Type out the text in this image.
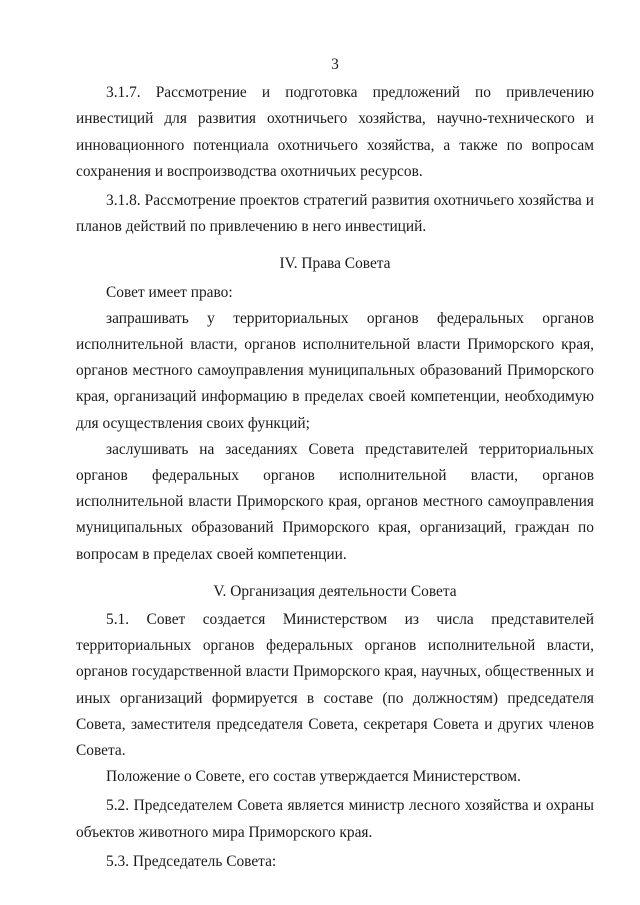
3

3.1.7. Рассмотрение и подготовка предложений по привлечению инвестиций для развития охотничьего хозяйства, научно-технического и инновационного потенциала охотничьего хозяйства, а также по вопросам сохранения и воспроизводства охотничьих ресурсов.

3.1.8. Рассмотрение проектов стратегий развития охотничьего хозяйства и планов действий по привлечению в него инвестиций.

IV. Права Совета

Совет имеет право:

запрашивать у территориальных органов федеральных органов исполнительной власти, органов исполнительной власти Приморского края, органов местного самоуправления муниципальных образований Приморского края, организаций информацию в пределах своей компетенции, необходимую для осуществления своих функций;

заслушивать на заседаниях Совета представителей территориальных органов федеральных органов исполнительной власти, органов исполнительной власти Приморского края, органов местного самоуправления муниципальных образований Приморского края, организаций, граждан по вопросам в пределах своей компетенции.

V. Организация деятельности Совета

5.1. Совет создается Министерством из числа представителей территориальных органов федеральных органов исполнительной власти, органов государственной власти Приморского края, научных, общественных и иных организаций формируется в составе (по должностям) председателя Совета, заместителя председателя Совета, секретаря Совета и других членов Совета.

Положение о Совете, его состав утверждается Министерством.

5.2. Председателем Совета является министр лесного хозяйства и охраны объектов животного мира Приморского края.

5.3. Председатель Совета:
